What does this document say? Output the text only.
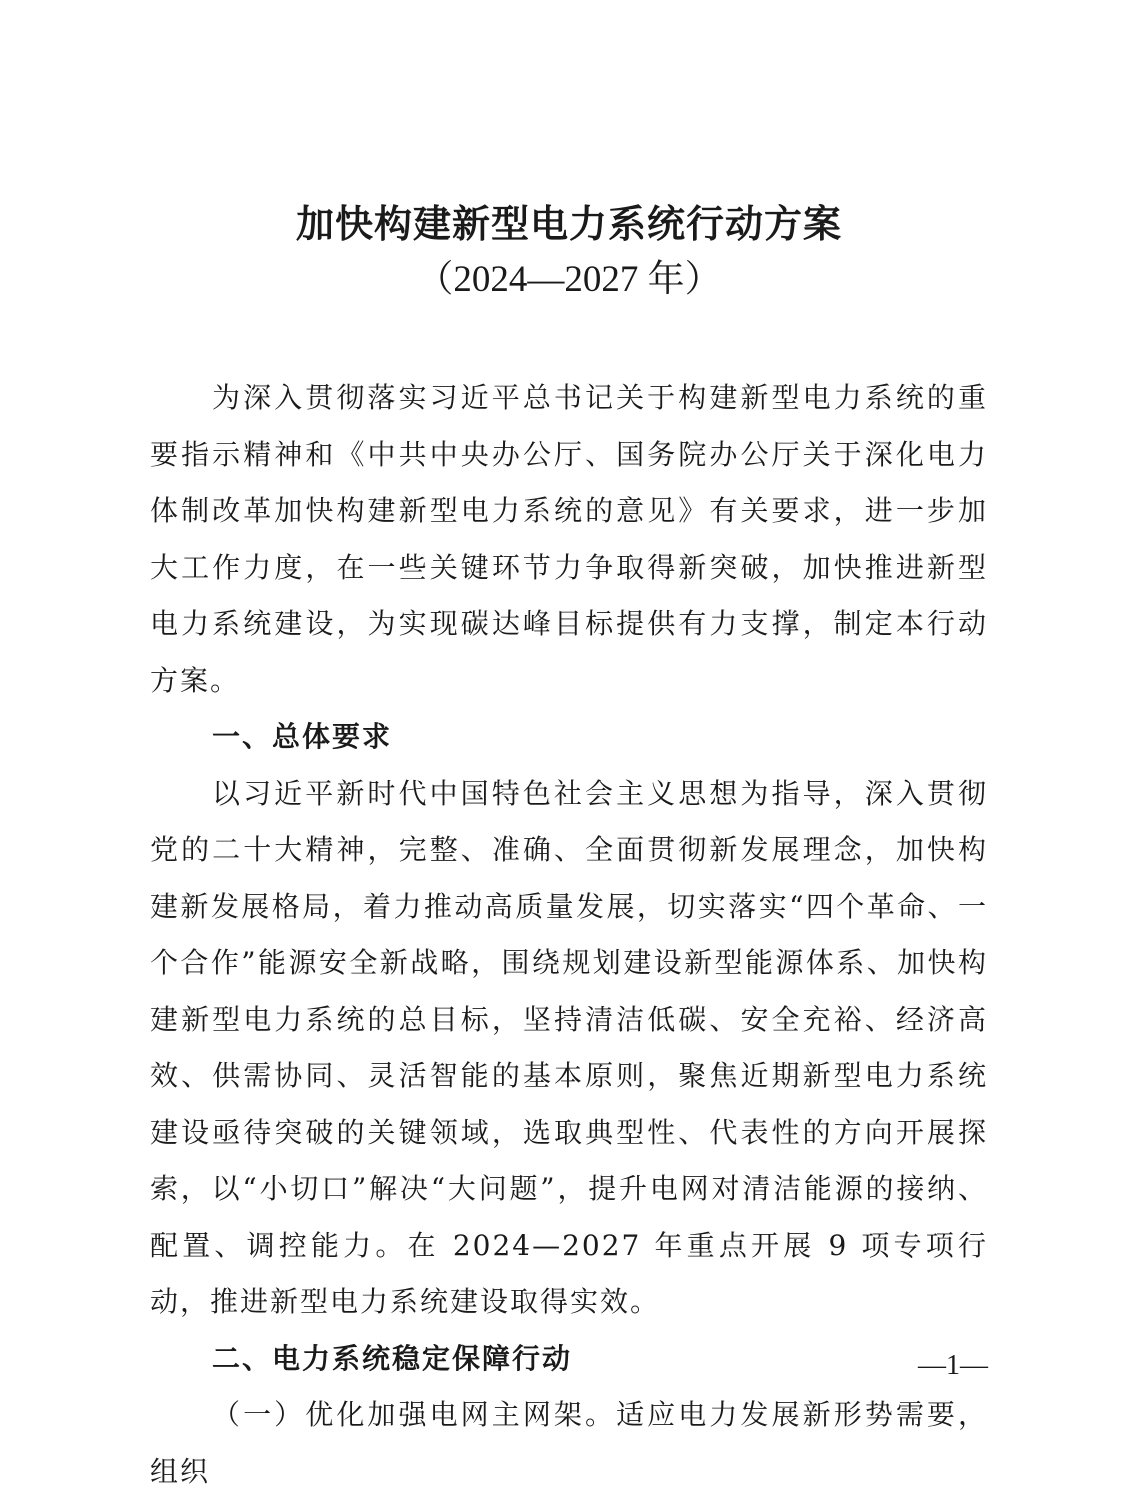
加快构建新型电力系统行动方案
（2024—2027 年）

为深入贯彻落实习近平总书记关于构建新型电力系统的重要指示精神和《中共中央办公厅、国务院办公厅关于深化电力体制改革加快构建新型电力系统的意见》有关要求，进一步加大工作力度，在一些关键环节力争取得新突破，加快推进新型电力系统建设，为实现碳达峰目标提供有力支撑，制定本行动方案。

一、总体要求

以习近平新时代中国特色社会主义思想为指导，深入贯彻党的二十大精神，完整、准确、全面贯彻新发展理念，加快构建新发展格局，着力推动高质量发展，切实落实“四个革命、一个合作”能源安全新战略，围绕规划建设新型能源体系、加快构建新型电力系统的总目标，坚持清洁低碳、安全充裕、经济高效、供需协同、灵活智能的基本原则，聚焦近期新型电力系统建设亟待突破的关键领域，选取典型性、代表性的方向开展探索，以“小切口”解决“大问题”，提升电网对清洁能源的接纳、配置、调控能力。在 2024—2027 年重点开展 9 项专项行动，推进新型电力系统建设取得实效。

二、电力系统稳定保障行动

（一）优化加强电网主网架。适应电力发展新形势需要，组织

—1—
